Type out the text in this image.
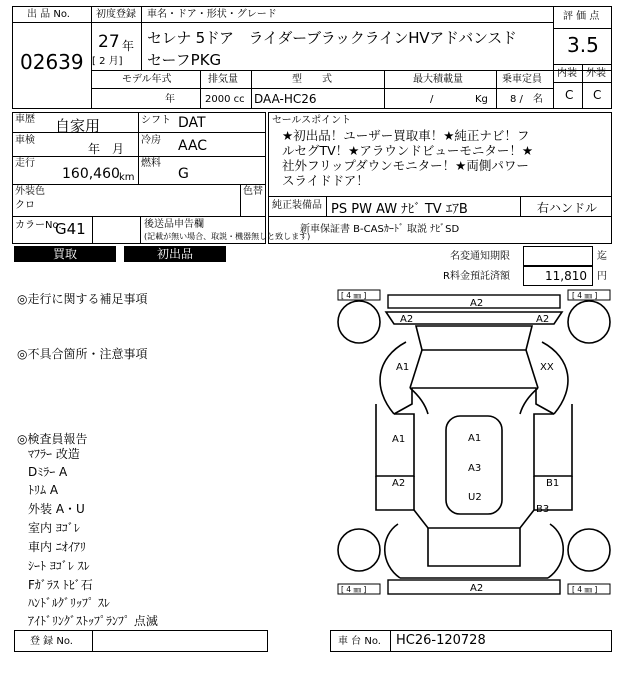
出 品 No.
02639
初度登録
27 年
[ 2 月]
車名・ドア・形状・グレード
セレナ 5ドア　ライダーブラックラインHVアドバンスド
セーフPKG
評 価 点
3.5
内装 外装
C C
モデル年式
年
排気量
2000 cc
型　　式
DAA-HC26
最大積載量
/	Kg
乗車定員
8 /　名
車歴 自家用
車検
年　月
走行
160,460 km
シフト DAT
冷房 AAC
燃料
G
外装色
クロ
色替
カラーNo.
G41	後送品申告欄
(記載が無い場合、取説・機器無しと致します)
セールスポイント
★初出品！ユーザー買取車！★純正ナビ！フ
ルセグTV！★アラウンドビューモニター！★
社外フリップダウンモニター！★両側パワー
スライドドア！
純正装備品 PS PW AW ﾅﾋﾞ TV ｴｱB	右ハンドル
新車保証書 B-CASｶｰﾄﾞ 取説 ﾅﾋﾞSD
買取	初出品	名変通知期限	迄
R料金預託済額	11,810 円
◎走行に関する補足事項
◎不具合箇所・注意事項
◎検査員報告
ﾏﾌﾗｰ 改造
Dﾐﾗｰ A
ﾄﾘﾑ A
外装 A・U
室内 ﾖｺﾞﾚ
車内 ﾆｵｲｱﾘ
ｼｰﾄ ﾖｺﾞﾚ ｽﾚ
Fｶﾞﾗｽ ﾄﾋﾞ石
ﾊﾝﾄﾞﾙｸﾞﾘｯﾌﾟ ｽﾚ
ｱｲﾄﾞﾘﾝｸﾞｽﾄｯﾌﾟﾗﾝﾌﾟ 点滅
[ 4 ㎜ ]	[ 4 ㎜ ]
[ 4 ㎜ ]	[ 4 ㎜ ]
A2
A2	A2
A1	XX
A1	A1
A3
U2
A2	B1
B3
A2
登 録 No.	車 台 No. HC26-120728
